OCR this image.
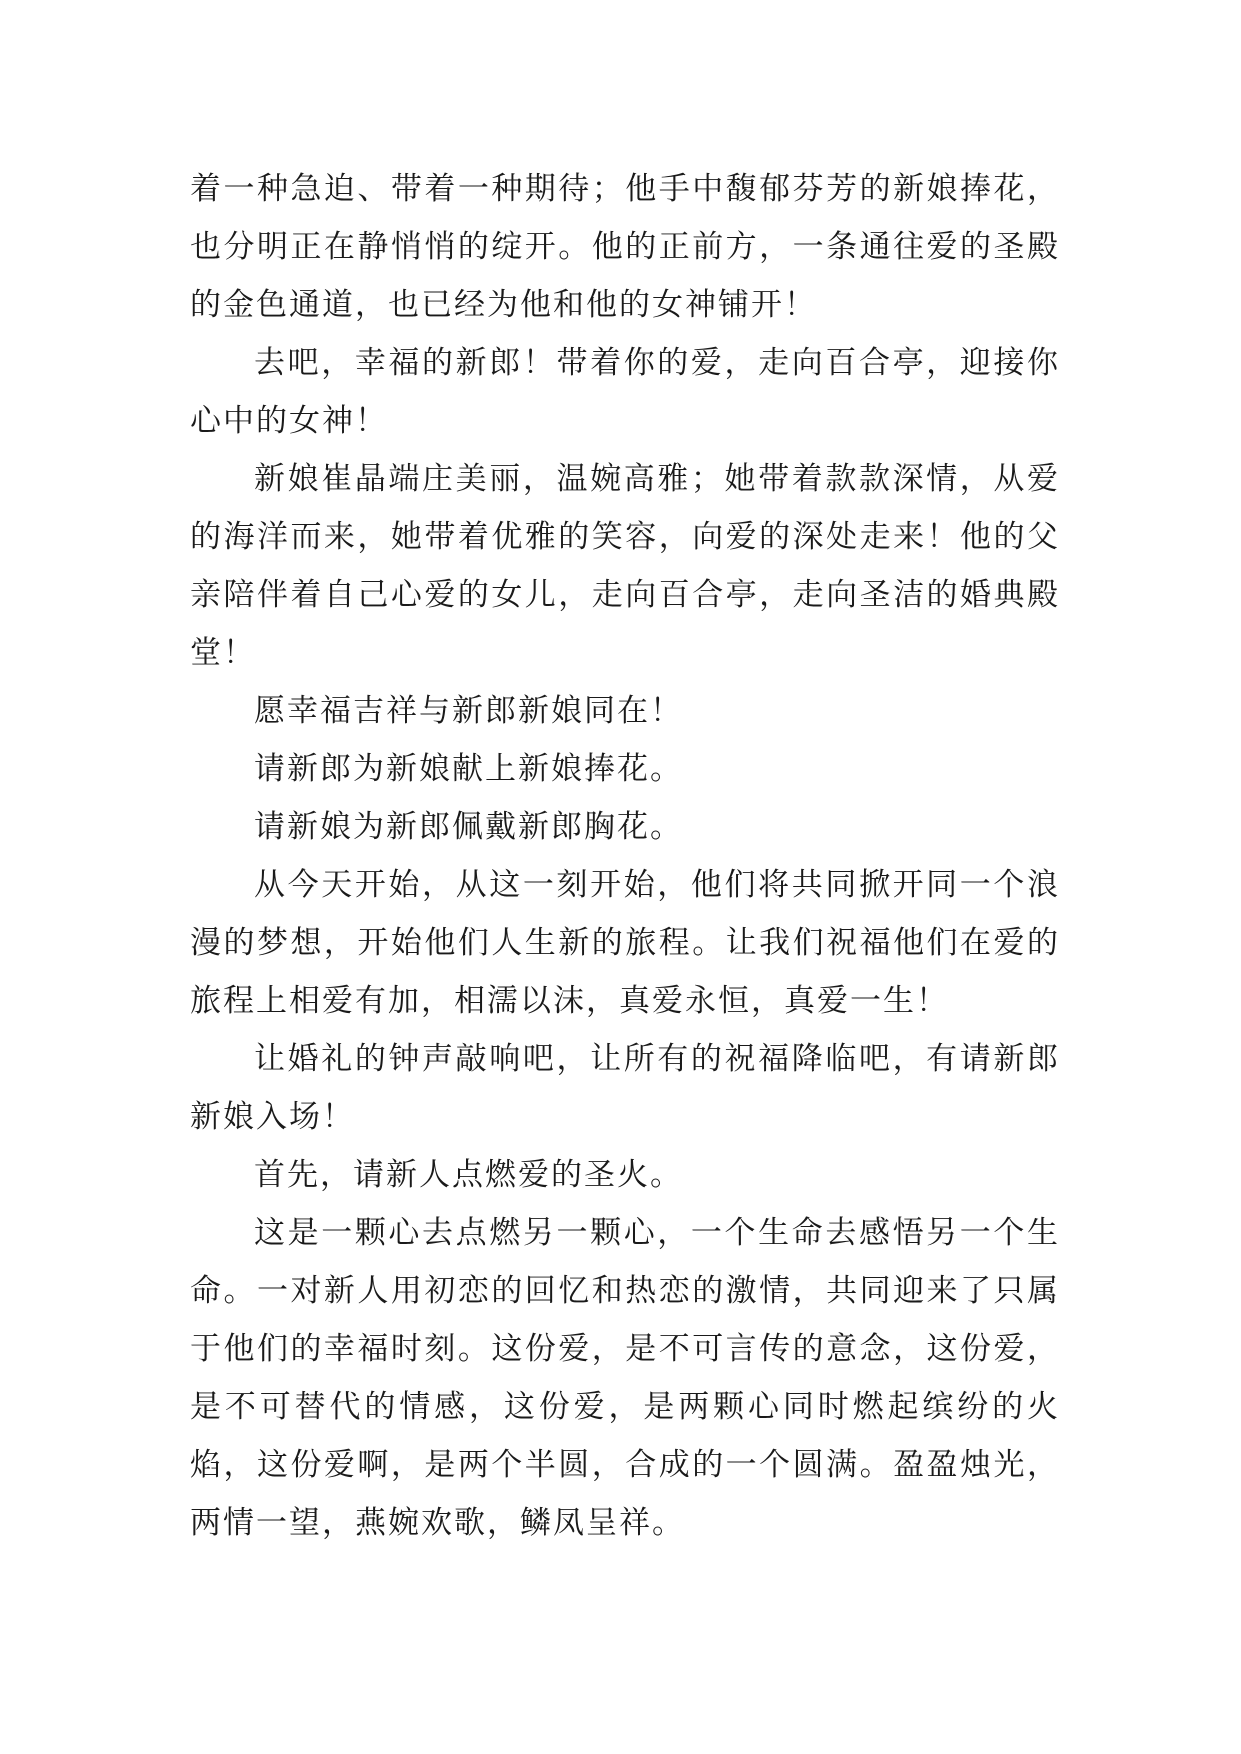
着一种急迫、带着一种期待；他手中馥郁芬芳的新娘捧花，也分明正在静悄悄的绽开。他的正前方，一条通往爱的圣殿的金色通道，也已经为他和他的女神铺开！

去吧，幸福的新郎！带着你的爱，走向百合亭，迎接你心中的女神！

新娘崔晶端庄美丽，温婉高雅；她带着款款深情，从爱的海洋而来，她带着优雅的笑容，向爱的深处走来！他的父亲陪伴着自己心爱的女儿，走向百合亭，走向圣洁的婚典殿堂！

愿幸福吉祥与新郎新娘同在！

请新郎为新娘献上新娘捧花。

请新娘为新郎佩戴新郎胸花。

从今天开始，从这一刻开始，他们将共同掀开同一个浪漫的梦想，开始他们人生新的旅程。让我们祝福他们在爱的旅程上相爱有加，相濡以沫，真爱永恒，真爱一生！

让婚礼的钟声敲响吧，让所有的祝福降临吧，有请新郎新娘入场！

首先，请新人点燃爱的圣火。

这是一颗心去点燃另一颗心，一个生命去感悟另一个生命。一对新人用初恋的回忆和热恋的激情，共同迎来了只属于他们的幸福时刻。这份爱，是不可言传的意念，这份爱，是不可替代的情感，这份爱，是两颗心同时燃起缤纷的火焰，这份爱啊，是两个半圆，合成的一个圆满。盈盈烛光，两情一望，燕婉欢歌，鳞凤呈祥。
